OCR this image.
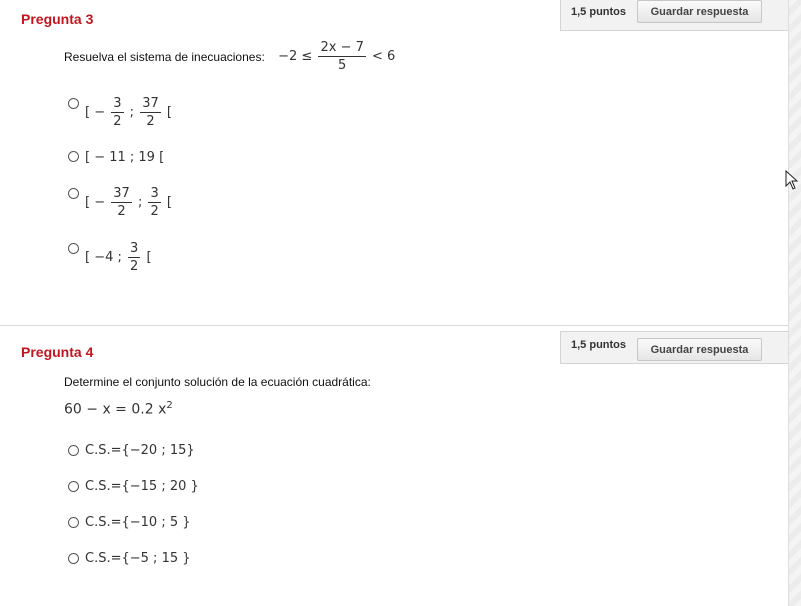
Pregunta 3	1,5 puntos	Guardar respuesta
Resuelva el sistema de inecuaciones: $-2 \le \frac{2x - 7}{5} < 6$
[ − $\frac{3}{2}$ ; $\frac{37}{2}$ [
[ − 11 ; 19 [
[ − $\frac{37}{2}$ ; $\frac{3}{2}$ [
[ −4 ; $\frac{3}{2}$ [
Pregunta 4	1,5 puntos	Guardar respuesta
Determine el conjunto solución de la ecuación cuadrática:
60 − x = 0.2 $x^2$
C.S.={−20 ; 15}
C.S.={−15 ; 20 }
C.S.={−10 ; 5 }
C.S.={−5 ; 15 }
